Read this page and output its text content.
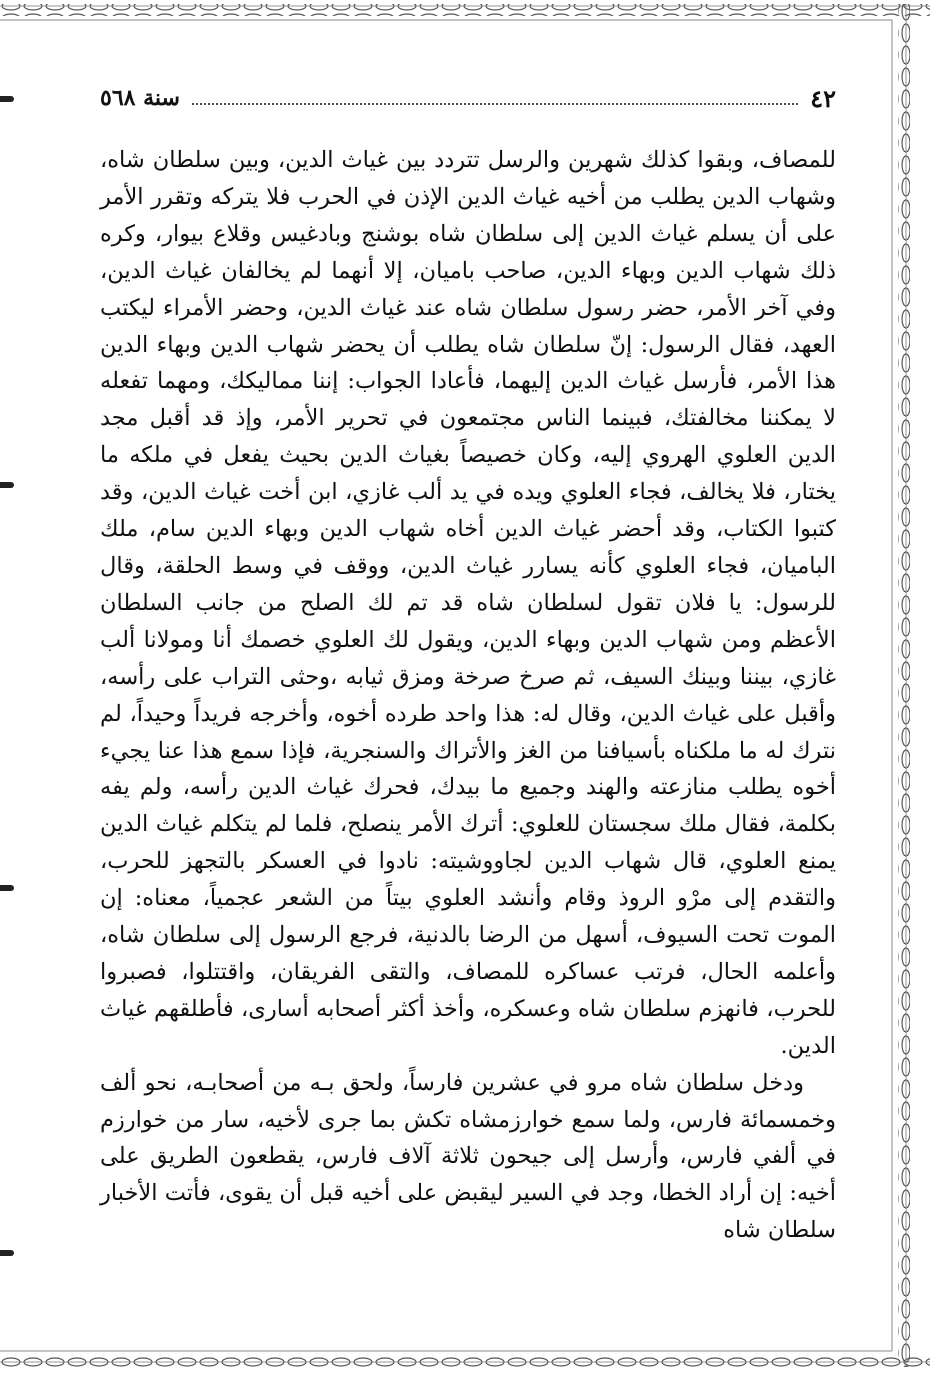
٤٢
سنة ٥٦٨

للمصاف، وبقوا كذلك شهرين والرسل تتردد بين غياث الدين، وبين سلطان شاه، وشهاب الدين يطلب من أخيه غياث الدين الإذن في الحرب فلا يتركه وتقرر الأمر على أن يسلم غياث الدين إلى سلطان شاه بوشنج وبادغيس وقلاع بيوار، وكره ذلك شهاب الدين وبهاء الدين، صاحب باميان، إلا أنهما لم يخالفان غياث الدين، وفي آخر الأمر، حضر رسول سلطان شاه عند غياث الدين، وحضر الأمراء ليكتب العهد، فقال الرسول: إنّ سلطان شاه يطلب أن يحضر شهاب الدين وبهاء الدين هذا الأمر، فأرسل غياث الدين إليهما، فأعادا الجواب: إننا مماليكك، ومهما تفعله لا يمكننا مخالفتك، فبينما الناس مجتمعون في تحرير الأمر، وإذ قد أقبل مجد الدين العلوي الهروي إليه، وكان خصيصاً بغياث الدين بحيث يفعل في ملكه ما يختار، فلا يخالف، فجاء العلوي ويده في يد ألب غازي، ابن أخت غياث الدين، وقد كتبوا الكتاب، وقد أحضر غياث الدين أخاه شهاب الدين وبهاء الدين سام، ملك الباميان، فجاء العلوي كأنه يسارر غياث الدين، ووقف في وسط الحلقة، وقال للرسول: يا فلان تقول لسلطان شاه قد تم لك الصلح من جانب السلطان الأعظم ومن شهاب الدين وبهاء الدين، ويقول لك العلوي خصمك أنا ومولانا ألب غازي، بيننا وبينك السيف، ثم صرخ صرخة ومزق ثيابه ،وحثى التراب على رأسه، وأقبل على غياث الدين، وقال له: هذا واحد طرده أخوه، وأخرجه فريداً وحيداً، لم نترك له ما ملكناه بأسيافنا من الغز والأتراك والسنجرية، فإذا سمع هذا عنا يجيء أخوه يطلب منازعته والهند وجميع ما بيدك، فحرك غياث الدين رأسه، ولم يفه بكلمة، فقال ملك سجستان للعلوي: أترك الأمر ينصلح، فلما لم يتكلم غياث الدين يمنع العلوي، قال شهاب الدين لجاووشيته: نادوا في العسكر بالتجهز للحرب، والتقدم إلى مرْو الروذ وقام وأنشد العلوي بيتاً من الشعر عجمياً، معناه: إن الموت تحت السيوف، أسهل من الرضا بالدنية، فرجع الرسول إلى سلطان شاه، وأعلمه الحال، فرتب عساكره للمصاف، والتقى الفريقان، واقتتلوا، فصبروا للحرب، فانهزم سلطان شاه وعسكره، وأخذ أكثر أصحابه أسارى، فأطلقهم غياث الدين.

ودخل سلطان شاه مرو في عشرين فارساً، ولحق بـه من أصحابـه، نحو ألف وخمسمائة فارس، ولما سمع خوارزمشاه تكش بما جرى لأخيه، سار من خوارزم في ألفي فارس، وأرسل إلى جيحون ثلاثة آلاف فارس، يقطعون الطريق على أخيه: إن أراد الخطا، وجد في السير ليقبض على أخيه قبل أن يقوى، فأتت الأخبار سلطان شاه
